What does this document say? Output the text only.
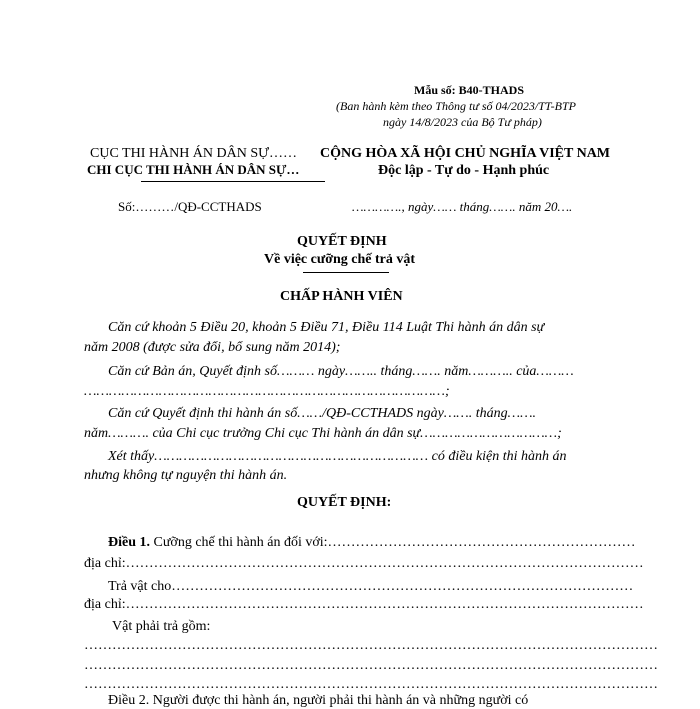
Mẫu số: B40-THADS
(Ban hành kèm theo Thông tư số 04/2023/TT-BTP
ngày 14/8/2023 của Bộ Tư pháp)
CỤC THI HÀNH ÁN DÂN SỰ……
CHI CỤC THI HÀNH ÁN DÂN SỰ…
CỘNG HÒA XÃ HỘI CHỦ NGHĨA VIỆT NAM
Độc lập - Tự do - Hạnh phúc
Số:………/QĐ-CCTHADS	…………., ngày…… tháng……. năm 20….
QUYẾT ĐỊNH
Về việc cưỡng chế trả vật
CHẤP HÀNH VIÊN
Căn cứ khoản 5 Điều 20, khoản 5 Điều 71, Điều 114 Luật Thi hành án dân sự
năm 2008 (được sửa đổi, bổ sung năm 2014);
Căn cứ Bản án, Quyết định số……… ngày…….. tháng……. năm……….. của………
……………………………………………………………………………;
Căn cứ Quyết định thi hành án số……/QĐ-CCTHADS ngày……. tháng…….
năm………. của Chi cục trưởng Chi cục Thi hành án dân sự……………………………;
Xét thấy………………………………………………………… có điều kiện thi hành án
nhưng không tự nguyện thi hành án.
QUYẾT ĐỊNH:
Điều 1. Cưỡng chế thi hành án đối với:…………………………………………………………
địa chỉ:…………………………………………………………………………………………………
Trả vật cho………………………………………………………………………………………
địa chỉ:…………………………………………………………………………………………………
Vật phải trả gồm:
……………………………………………………………………………………………………………
……………………………………………………………………………………………………………
……………………………………………………………………………………………………………
Điều 2. Người được thi hành án, người phải thi hành án và những người có
